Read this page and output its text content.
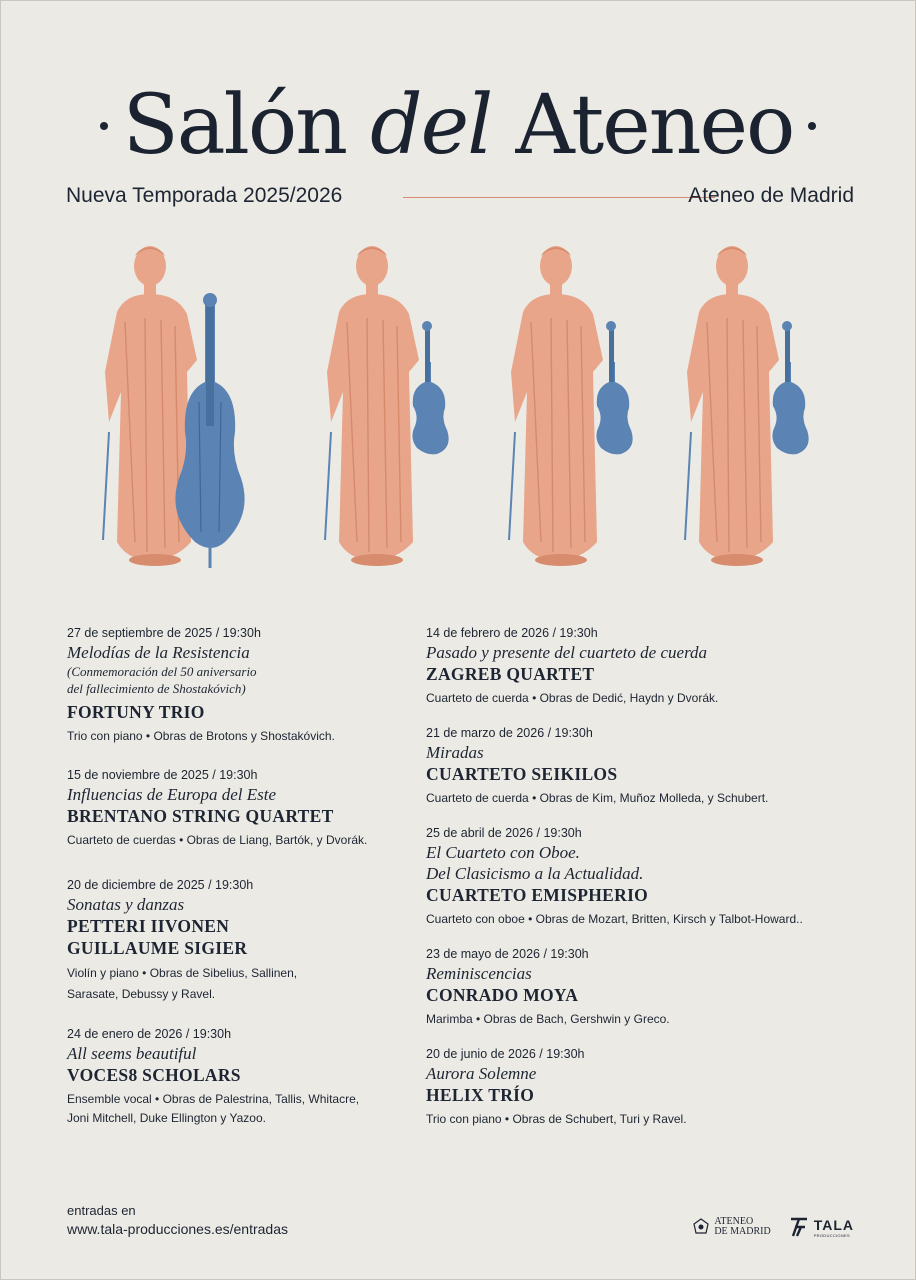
Salón del Ateneo
Nueva Temporada 2025/2026	Ateneo de Madrid
27 de septiembre de 2025 / 19:30h
Melodías de la Resistencia
(Conmemoración del 50 aniversario
del fallecimiento de Shostakóvich)
FORTUNY TRIO
Trio con piano • Obras de Brotons y Shostakóvich.
15 de noviembre de 2025 / 19:30h
Influencias de Europa del Este
BRENTANO STRING QUARTET
Cuarteto de cuerdas • Obras de Liang, Bartók, y Dvorák.
20 de diciembre de 2025 / 19:30h
Sonatas y danzas
PETTERI IIVONEN
GUILLAUME SIGIER
Violín y piano • Obras de Sibelius, Sallinen,
Sarasate, Debussy y Ravel.
24 de enero de 2026 / 19:30h
All seems beautiful
VOCES8 SCHOLARS
Ensemble vocal • Obras de Palestrina, Tallis, Whitacre,
Joni Mitchell, Duke Ellington y Yazoo.
14 de febrero de 2026 / 19:30h
Pasado y presente del cuarteto de cuerda
ZAGREB QUARTET
Cuarteto de cuerda • Obras de Dedić, Haydn y Dvorák.
21 de marzo de 2026 / 19:30h
Miradas
CUARTETO SEIKILOS
Cuarteto de cuerda • Obras de Kim, Muñoz Molleda, y Schubert.
25 de abril de 2026 / 19:30h
El Cuarteto con Oboe.
Del Clasicismo a la Actualidad.
CUARTETO EMISPHERIO
Cuarteto con oboe • Obras de Mozart, Britten, Kirsch y Talbot-Howard..
23 de mayo de 2026 / 19:30h
Reminiscencias
CONRADO MOYA
Marimba • Obras de Bach, Gershwin y Greco.
20 de junio de 2026 / 19:30h
Aurora Solemne
HELIX TRÍO
Trio con piano • Obras de Schubert, Turi y Ravel.
entradas en
www.tala-producciones.es/entradas	ATENEO
DE MADRID	TALA
PRODUCCIONES
